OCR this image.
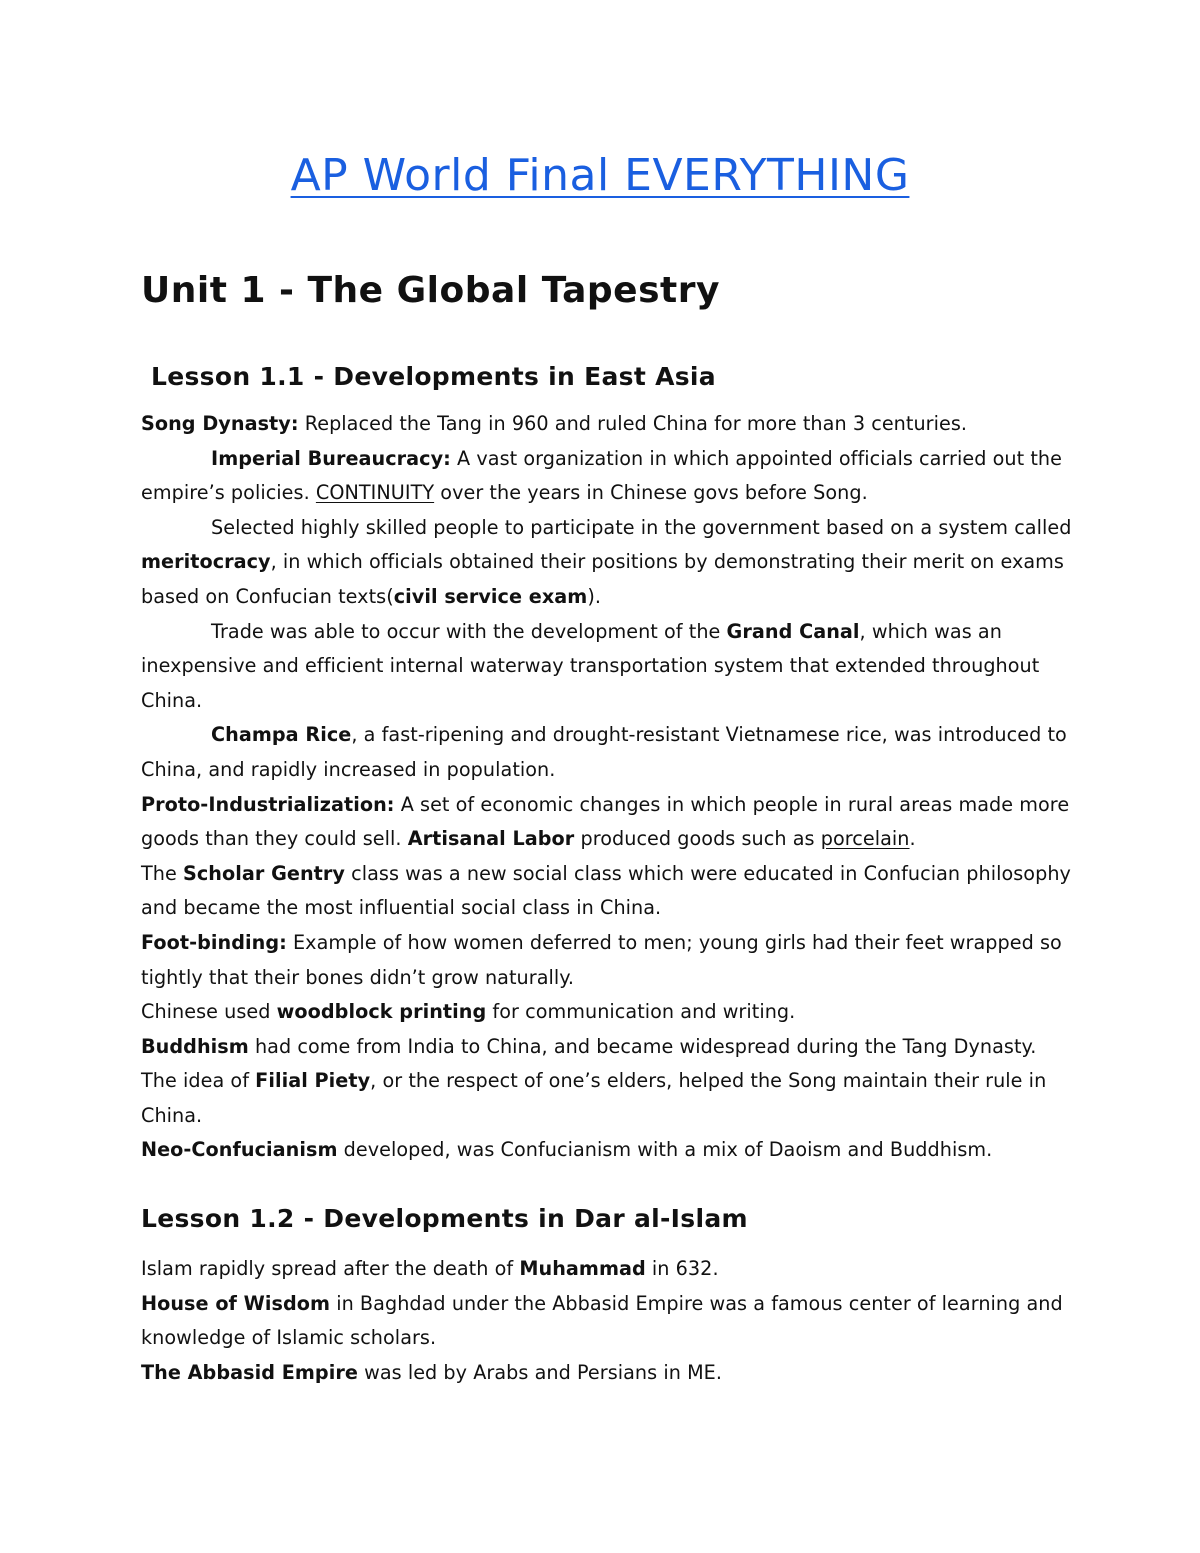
AP World Final EVERYTHING
Unit 1 - The Global Tapestry
Lesson 1.1 - Developments in East Asia

Song Dynasty: Replaced the Tang in 960 and ruled China for more than 3 centuries.

Imperial Bureaucracy: A vast organization in which appointed officials carried out the empire’s policies. CONTINUITY over the years in Chinese govs before Song.

Selected highly skilled people to participate in the government based on a system called meritocracy, in which officials obtained their positions by demonstrating their merit on exams based on Confucian texts(civil service exam).

Trade was able to occur with the development of the Grand Canal, which was an inexpensive and efficient internal waterway transportation system that extended throughout China.

Champa Rice, a fast-ripening and drought-resistant Vietnamese rice, was introduced to China, and rapidly increased in population.

Proto-Industrialization: A set of economic changes in which people in rural areas made more goods than they could sell. Artisanal Labor produced goods such as porcelain.

The Scholar Gentry class was a new social class which were educated in Confucian philosophy and became the most influential social class in China.

Foot-binding: Example of how women deferred to men; young girls had their feet wrapped so tightly that their bones didn’t grow naturally.

Chinese used woodblock printing for communication and writing.

Buddhism had come from India to China, and became widespread during the Tang Dynasty.

The idea of Filial Piety, or the respect of one’s elders, helped the Song maintain their rule in China.

Neo-Confucianism developed, was Confucianism with a mix of Daoism and Buddhism.

Lesson 1.2 - Developments in Dar al-Islam

Islam rapidly spread after the death of Muhammad in 632.

House of Wisdom in Baghdad under the Abbasid Empire was a famous center of learning and knowledge of Islamic scholars.

The Abbasid Empire was led by Arabs and Persians in ME.
